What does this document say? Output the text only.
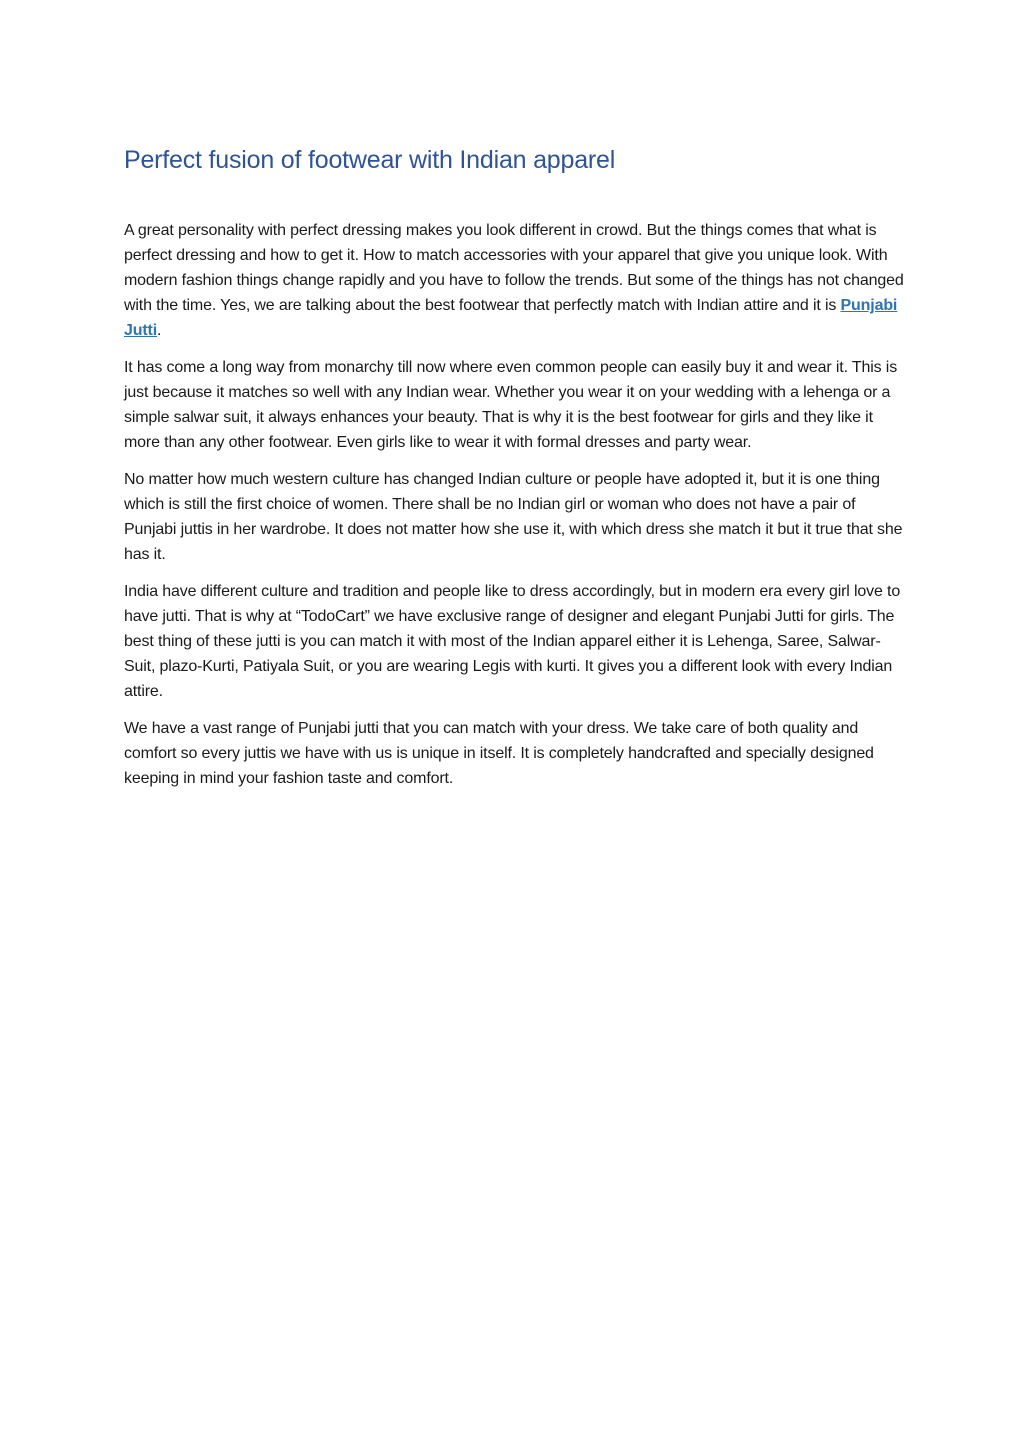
Perfect fusion of footwear with Indian apparel

A great personality with perfect dressing makes you look different in crowd. But the things comes that what is perfect dressing and how to get it. How to match accessories with your apparel that give you unique look. With modern fashion things change rapidly and you have to follow the trends. But some of the things has not changed with the time. Yes, we are talking about the best footwear that perfectly match with Indian attire and it is Punjabi Jutti.

It has come a long way from monarchy till now where even common people can easily buy it and wear it. This is just because it matches so well with any Indian wear. Whether you wear it on your wedding with a lehenga or a simple salwar suit, it always enhances your beauty. That is why it is the best footwear for girls and they like it more than any other footwear. Even girls like to wear it with formal dresses and party wear.

No matter how much western culture has changed Indian culture or people have adopted it, but it is one thing which is still the first choice of women. There shall be no Indian girl or woman who does not have a pair of Punjabi juttis in her wardrobe. It does not matter how she use it, with which dress she match it but it true that she has it.

India have different culture and tradition and people like to dress accordingly, but in modern era every girl love to have jutti. That is why at “TodoCart” we have exclusive range of designer and elegant Punjabi Jutti for girls. The best thing of these jutti is you can match it with most of the Indian apparel either it is Lehenga, Saree, Salwar-Suit, plazo-Kurti, Patiyala Suit, or you are wearing Legis with kurti. It gives you a different look with every Indian attire.

We have a vast range of Punjabi jutti that you can match with your dress. We take care of both quality and comfort so every juttis we have with us is unique in itself. It is completely handcrafted and specially designed keeping in mind your fashion taste and comfort.
